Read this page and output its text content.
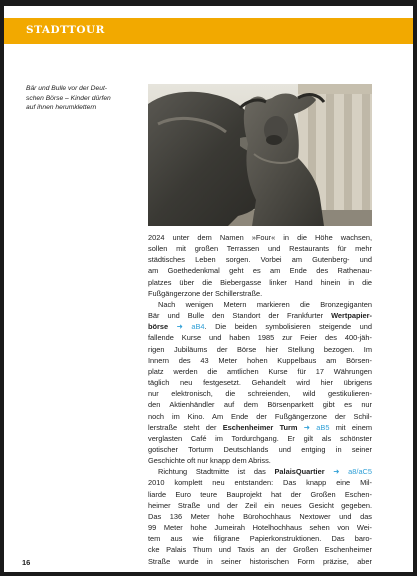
STADTTOUR
Bär und Bulle vor der Deut-
schen Börse – Kinder dürfen
auf ihnen herumklettern

2024 unter dem Namen »Four« in die Höhe wachsen,
sollen mit großen Terrassen und Restaurants für mehr
städtisches Leben sorgen. Vorbei am Gutenberg- und
am Goethedenkmal geht es am Ende des Rathenau-
platzes über die Biebergasse linker Hand hinein in die
Fußgängerzone der Schillerstraße.

Nach wenigen Metern markieren die Bronzegiganten
Bär und Bulle den Standort der Frankfurter Wertpapier-
börse ➜ aB4. Die beiden symbolisieren steigende und
fallende Kurse und haben 1985 zur Feier des 400-jäh-
rigen Jubiläums der Börse hier Stellung bezogen. Im
Innern des 43 Meter hohen Kuppelbaus am Börsen-
platz werden die amtlichen Kurse für 17 Währungen
täglich neu festgesetzt. Gehandelt wird hier übrigens
nur elektronisch, die schreienden, wild gestikulieren-
den Aktienhändler auf dem Börsenparkett gibt es nur
noch im Kino. Am Ende der Fußgängerzone der Schil-
lerstraße steht der Eschenheimer Turm ➜ aB5 mit einem
verglasten Café im Tordurchgang. Er gilt als schönster
gotischer Torturm Deutschlands und entging in seiner
Geschichte oft nur knapp dem Abriss.

Richtung Stadtmitte ist das PalaisQuartier ➜ a8/aC5
2010 komplett neu entstanden: Das knapp eine Mil-
liarde Euro teure Bauprojekt hat der Großen Eschen-
heimer Straße und der Zeil ein neues Gesicht gegeben.
Das 136 Meter hohe Bürohochhaus Nextower und das
99 Meter hohe Jumeirah Hotelhochhaus sehen von Wei-
tem aus wie filigrane Papierkonstruktionen. Das baro-
cke Palais Thurn und Taxis an der Großen Eschenheimer
Straße wurde in seiner historischen Form präzise, aber

16
